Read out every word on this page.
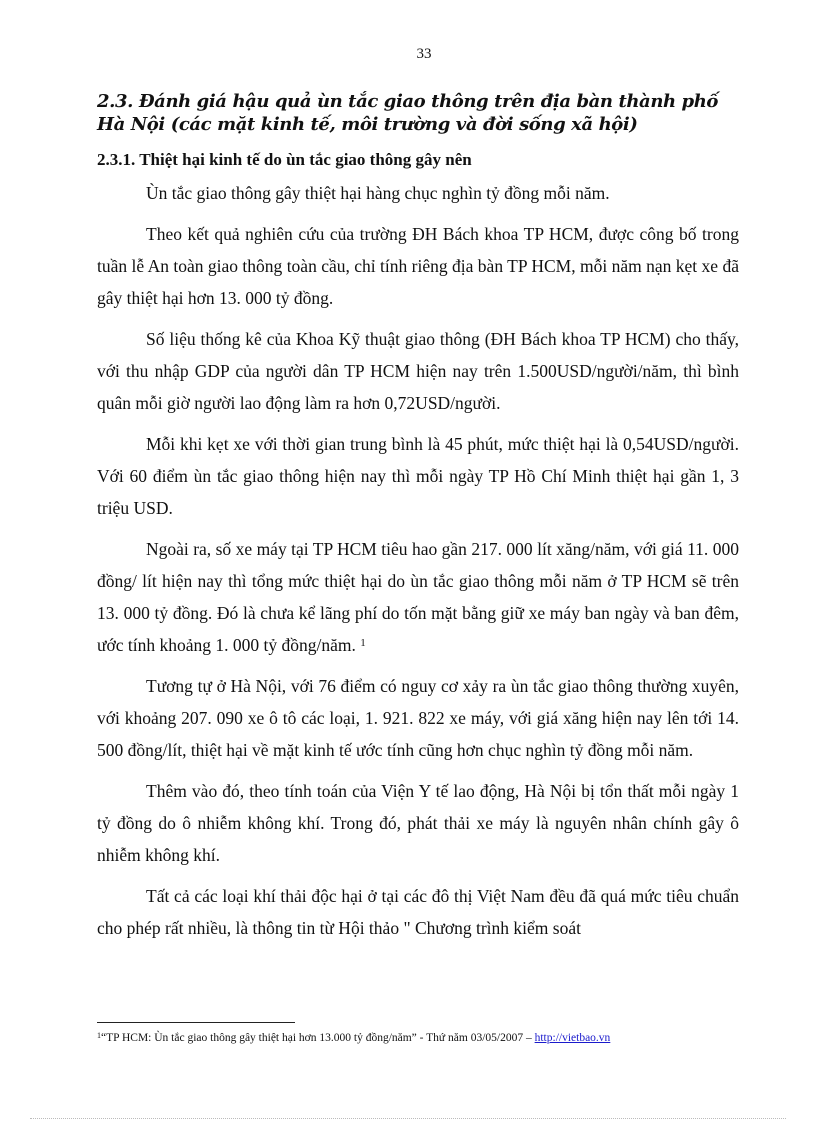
33
2.3. Đánh giá hậu quả ùn tắc giao thông trên địa bàn thành phố Hà Nội (các mặt kinh tế, môi trường và đời sống xã hội)
2.3.1. Thiệt hại kinh tế do ùn tắc giao thông gây nên

Ùn tắc giao thông gây thiệt hại hàng chục nghìn tỷ đồng mỗi năm.

Theo kết quả nghiên cứu của trường ĐH Bách khoa TP HCM, được công bố trong tuần lễ An toàn giao thông toàn cầu, chỉ tính riêng địa bàn TP HCM, mỗi năm nạn kẹt xe đã gây thiệt hại hơn 13. 000 tỷ đồng.

Số liệu thống kê của Khoa Kỹ thuật giao thông (ĐH Bách khoa TP HCM) cho thấy, với thu nhập GDP của người dân TP HCM hiện nay trên 1.500USD/người/năm, thì bình quân mỗi giờ người lao động làm ra hơn 0,72USD/người.

Mỗi khi kẹt xe với thời gian trung bình là 45 phút, mức thiệt hại là 0,54USD/người. Với 60 điểm ùn tắc giao thông hiện nay thì mỗi ngày TP Hồ Chí Minh thiệt hại gần 1, 3 triệu USD.

Ngoài ra, số xe máy tại TP HCM tiêu hao gần 217. 000 lít xăng/năm, với giá 11. 000 đồng/ lít hiện nay thì tổng mức thiệt hại do ùn tắc giao thông mỗi năm ở TP HCM sẽ trên 13. 000 tỷ đồng. Đó là chưa kể lãng phí do tốn mặt bằng giữ xe máy ban ngày và ban đêm, ước tính khoảng 1. 000 tỷ đồng/năm. $^1$

Tương tự ở Hà Nội, với 76 điểm có nguy cơ xảy ra ùn tắc giao thông thường xuyên, với khoảng 207. 090 xe ô tô các loại, 1. 921. 822 xe máy, với giá xăng hiện nay lên tới 14. 500 đồng/lít, thiệt hại về mặt kinh tế ước tính cũng hơn chục nghìn tỷ đồng mỗi năm.

Thêm vào đó, theo tính toán của Viện Y tế lao động, Hà Nội bị tổn thất mỗi ngày 1 tỷ đồng do ô nhiễm không khí. Trong đó, phát thải xe máy là nguyên nhân chính gây ô nhiễm không khí.

Tất cả các loại khí thải độc hại ở tại các đô thị Việt Nam đều đã quá mức tiêu chuẩn cho phép rất nhiều, là thông tin từ Hội thảo " Chương trình kiểm soát

$^1$“TP HCM: Ùn tắc giao thông gây thiệt hại hơn 13.000 tỷ đồng/năm” - Thứ năm 03/05/2007 – http://vietbao.vn
